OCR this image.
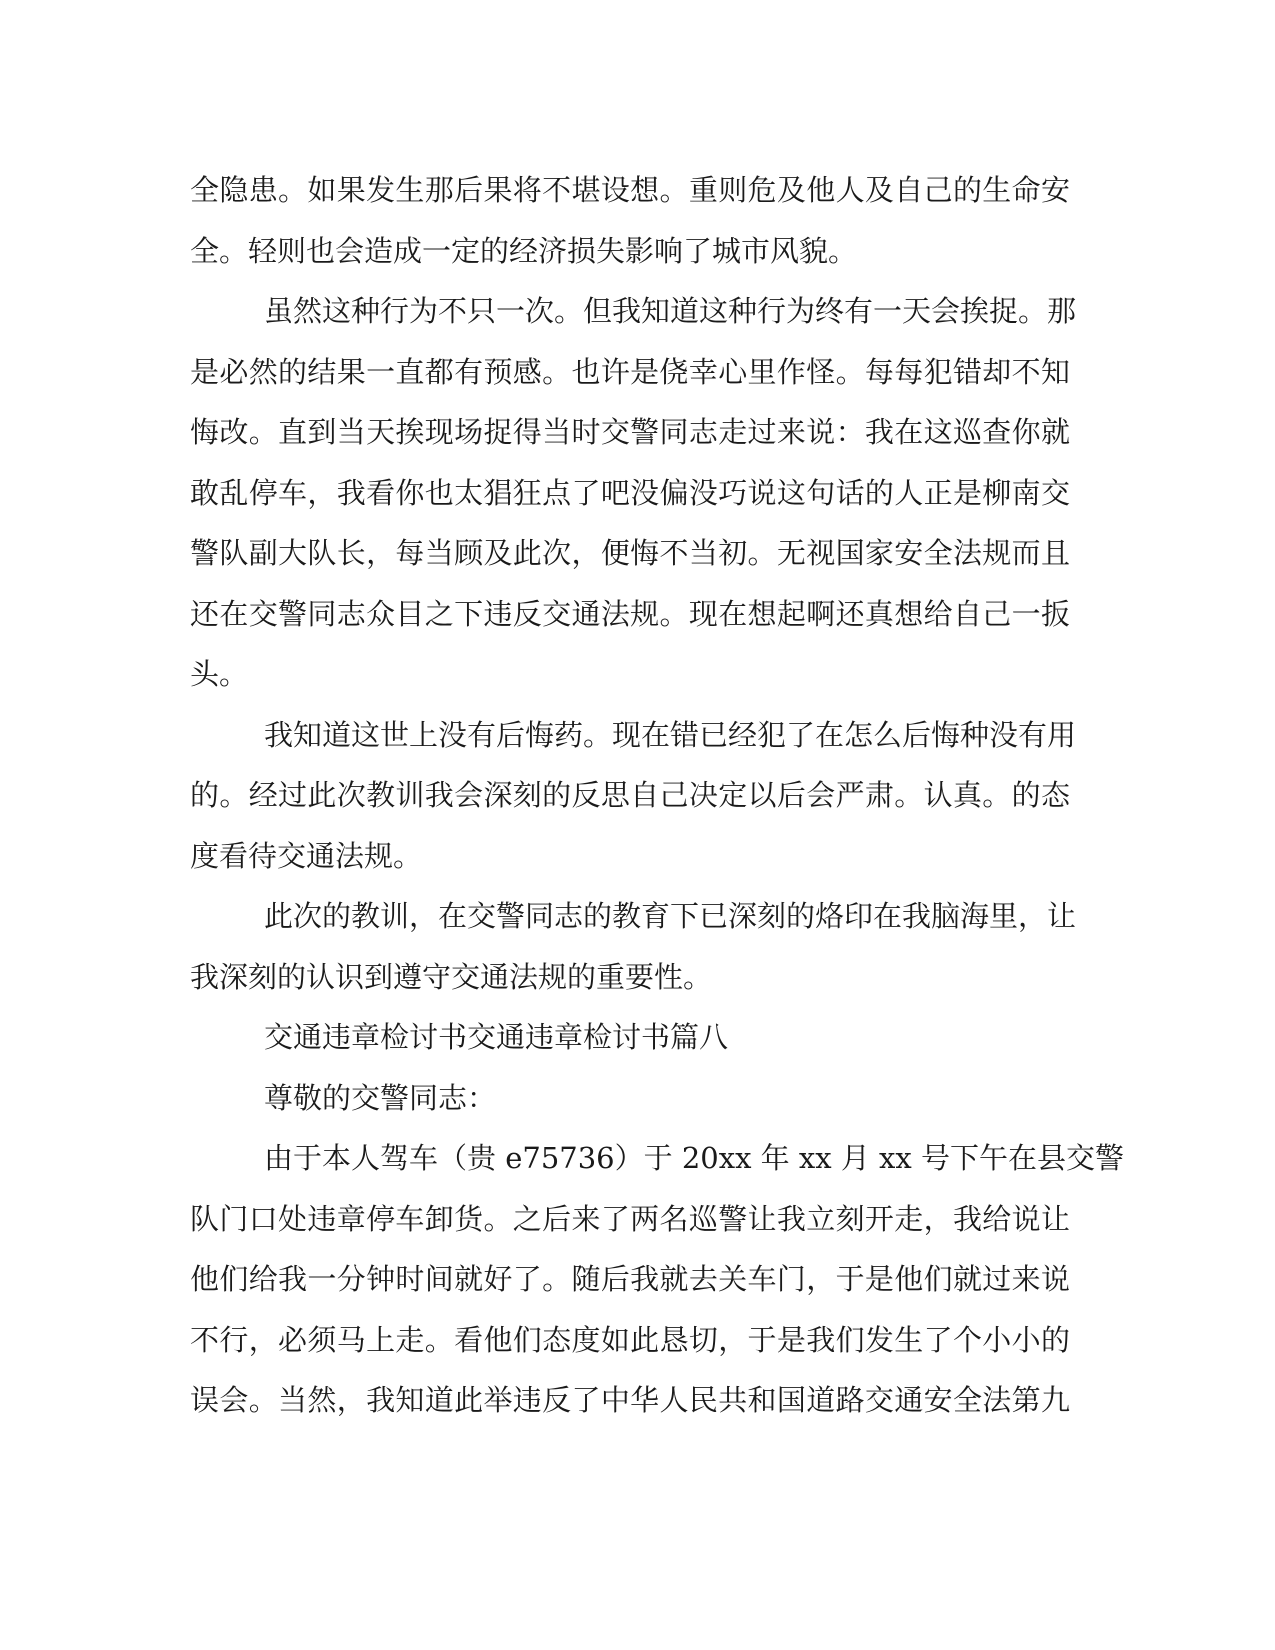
全隐患。如果发生那后果将不堪设想。重则危及他人及自己的生命安
全。轻则也会造成一定的经济损失影响了城市风貌。
虽然这种行为不只一次。但我知道这种行为终有一天会挨捉。那
是必然的结果一直都有预感。也许是侥幸心里作怪。每每犯错却不知
悔改。直到当天挨现场捉得当时交警同志走过来说：我在这巡查你就
敢乱停车，我看你也太猖狂点了吧没偏没巧说这句话的人正是柳南交
警队副大队长，每当顾及此次，便悔不当初。无视国家安全法规而且
还在交警同志众目之下违反交通法规。现在想起啊还真想给自己一扳
头。
我知道这世上没有后悔药。现在错已经犯了在怎么后悔种没有用
的。经过此次教训我会深刻的反思自己决定以后会严肃。认真。的态
度看待交通法规。
此次的教训，在交警同志的教育下已深刻的烙印在我脑海里，让
我深刻的认识到遵守交通法规的重要性。
交通违章检讨书交通违章检讨书篇八
尊敬的交警同志：
由于本人驾车（贵 e75736）于 20xx 年 xx 月 xx 号下午在县交警
队门口处违章停车卸货。之后来了两名巡警让我立刻开走，我给说让
他们给我一分钟时间就好了。随后我就去关车门，于是他们就过来说
不行，必须马上走。看他们态度如此恳切，于是我们发生了个小小的
误会。当然，我知道此举违反了中华人民共和国道路交通安全法第九
